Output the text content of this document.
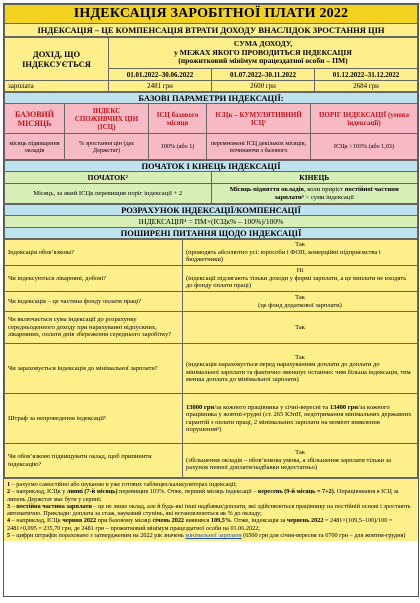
ІНДЕКСАЦІЯ ЗАРОБІТНОЇ ПЛАТИ 2022
ІНДЕКСАЦІЯ – ЦЕ КОМПЕНСАЦІЯ ВТРАТИ ДОХОДУ ВНАСЛІДОК ЗРОСТАННЯ ЦІН
ДОХІД, ЩО ІНДЕКСУЄТЬСЯ	СУМА ДОХОДУ,
у МЕЖАХ ЯКОГО ПРОВОДИТЬСЯ ІНДЕКСАЦІЯ
(прожитковий мінімум працездатної особи – ПМ)		

	01.01.2022–30.06.2022	01.07.2022–30.11.2022	01.12.2022–31.12.2022
зарплата	2481 грн	2600 грн	2684 грн
БАЗОВІ ПАРАМЕТРИ ІНДЕКСАЦІЇ:				
БАЗОВИЙ МІСЯЦЬ	ІНДЕКС СПОЖИВЧИХ ЦІН (ІСЦ)	ІСЦ базового місяця	ІСЦк – КУМУЛЯТИВНИЙ ІСЦ¹	ПОРІГ ІНДЕКСАЦІЇ (умова індексації)
місяць підвищення окладів	% зростання цін (дає Держстат)	100% (або 1)	перемножені ІСЦ декількох місяців, починаючи з базового	ІСЦк >103% (або 1,03)
ПОЧАТОК І КІНЕЦЬ ІНДЕКСАЦІЇ	
ПОЧАТОК²	КІНЕЦЬ
Місяць, за який ІСЦк перевищив поріг індексації + 2	Місяць підняття окладів, коли приріст постійної частини зарплати³ > суми індексації
РОЗРАХУНОК ІНДЕКСАЦІЇ/КОМПЕНСАЦІЇ
ІНДЕКСАЦІЯ⁴ = ПМ×(ІСЦк% – 100%)/100%
ПОШИРЕНІ ПИТАННЯ ЩОДО ІНДЕКСАЦІЇ
Індексація обов’язкова?	Так
(проводять абсолютно усі: юрособи і ФОП, комерційні підприємства і бюджетники)

Чи індексуються лікарняні, добові?	Ні
(індексації підлягають тільки доходи у формі зарплати, а це виплати не входять до фонду оплати праці)

Чи індексація – це частина фонду оплати праці?	Так
(це фонд додаткової зарплати)

Чи включається сума індексації до розрахунку середньоденного доходу при нарахуванні відпускних, лікарняних, оплати днів збереження середнього заробітку?	Так
Чи зараховується індексація до мінімальної зарплати?	Так
(індексація нараховується перед нарахуванням доплати до доплати до мінімальної зарплати та фактично зменшує останню: чим більша індексація, тим менша доплата до мінімальної зарплати)

Штраф за непроведення індексації⁵	13000 грн/за кожного працівника у січні-вересні та 13400 грн/за кожного працівника у жовтні-грудні (ст. 265 КЗпП, недотримання мінімальних державних гарантій з оплати праці, 2 мінімальних зарплати на момент виявлення порушення⁵)
Чи обов’язково підвищувати оклад, щоб припинити індексацію?	Так
(збільшення окладів – обов’язкова умова, а збільшення зарплати тільки за рахунок певної доплати/надбавки недостатньо)

1 – рахуємо самостійно або шукаємо в уже готових таблицях/калькуляторах індексації;

2 – наприклад, ІСЦк у липні (7-й місяць) перевищив 103%. Отже, перший місяць індексації – вересень (9-й місяць = 7+2). Опраціювання я ІСЦ за липень Держстат має бути у серпні;

3 – постійна частина зарплати – це не лише оклад, але й будь-які інші надбавки/доплати, які здійснюються працівнику на постійній основі і зростають автоматично. Приклади: доплата за стаж, науковий ступінь, які встановлюються як % до окладу;

4 – наприклад, ІСЦк червня 2022 при базовому місяці січень 2022 виявився 109,5%. Отже, індексація за червень 2022 = 2481×(109,5–100)/100 = 2481×0,095 = 235,70 грн, де 2481 грн – прожитковий мінімум працездатної особи на 01.06.2022;

5 – цифри штрафів пораховано з затвердженим на 2022 рік значень мінімальної зарплати (6500 грн для січня-вересня та 6700 грн – для жовтня-грудня)
